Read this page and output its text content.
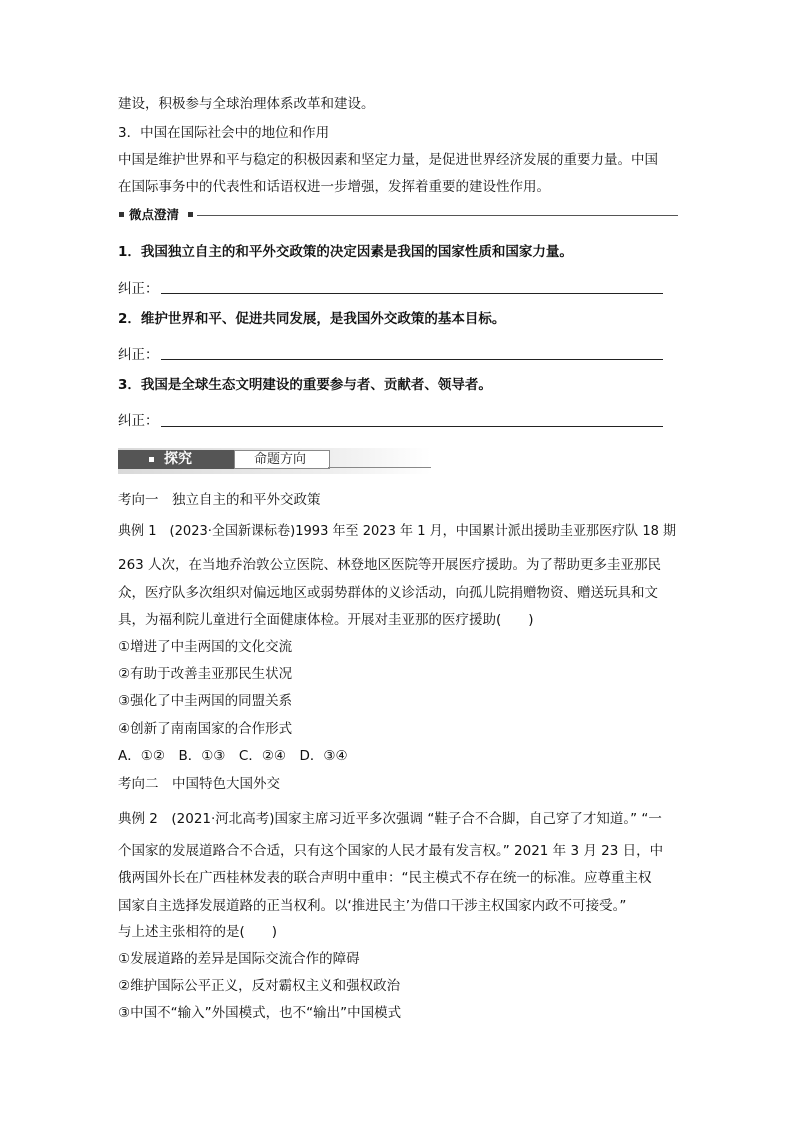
建设，积极参与全球治理体系改革和建设。
3．中国在国际社会中的地位和作用
中国是维护世界和平与稳定的积极因素和坚定力量，是促进世界经济发展的重要力量。中国
在国际事务中的代表性和话语权进一步增强，发挥着重要的建设性作用。
微点澄清
1．我国独立自主的和平外交政策的决定因素是我国的国家性质和国家力量。
纠正：
2．维护世界和平、促进共同发展，是我国外交政策的基本目标。
纠正：
3．我国是全球生态文明建设的重要参与者、贡献者、领导者。
纠正：
探究	命题方向
考向一　独立自主的和平外交政策
典例 1　(2023·全国新课标卷)1993 年至 2023 年 1 月，中国累计派出援助圭亚那医疗队 18 期
263 人次，在当地乔治敦公立医院、林登地区医院等开展医疗援助。为了帮助更多圭亚那民
众，医疗队多次组织对偏远地区或弱势群体的义诊活动，向孤儿院捐赠物资、赠送玩具和文
具，为福利院儿童进行全面健康体检。开展对圭亚那的医疗援助(　　)
①增进了中圭两国的文化交流
②有助于改善圭亚那民生状况
③强化了中圭两国的同盟关系
④创新了南南国家的合作形式
A．①②　B．①③　C．②④　D．③④
考向二　中国特色大国外交
典例 2　(2021·河北高考)国家主席习近平多次强调 “鞋子合不合脚，自己穿了才知道。” “一
个国家的发展道路合不合适，只有这个国家的人民才最有发言权。” 2021 年 3 月 23 日，中
俄两国外长在广西桂林发表的联合声明中重申：“民主模式不存在统一的标准。应尊重主权
国家自主选择发展道路的正当权利。以‘推进民主’为借口干涉主权国家内政不可接受。”
与上述主张相符的是(　　)
①发展道路的差异是国际交流合作的障碍
②维护国际公平正义，反对霸权主义和强权政治
③中国不“输入”外国模式，也不“输出”中国模式
